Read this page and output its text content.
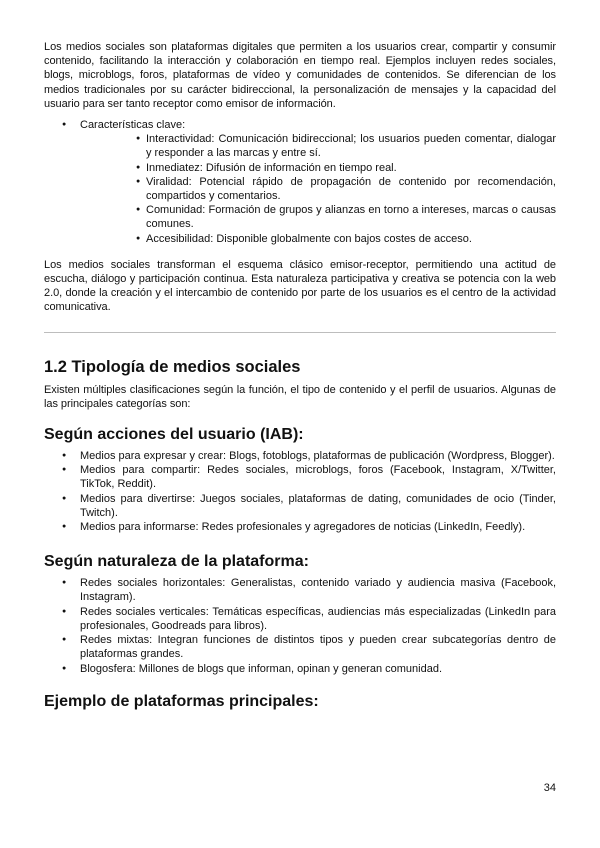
Los medios sociales son plataformas digitales que permiten a los usuarios crear, compartir y consumir contenido, facilitando la interacción y colaboración en tiempo real. Ejemplos incluyen redes sociales, blogs, microblogs, foros, plataformas de vídeo y comunidades de contenidos. Se diferencian de los medios tradicionales por su carácter bidireccional, la personalización de mensajes y la capacidad del usuario para ser tanto receptor como emisor de información.

● Características clave:
● Interactividad: Comunicación bidireccional; los usuarios pueden comentar, dialogar y responder a las marcas y entre sí.
● Inmediatez: Difusión de información en tiempo real.
● Viralidad: Potencial rápido de propagación de contenido por recomendación, compartidos y comentarios.
● Comunidad: Formación de grupos y alianzas en torno a intereses, marcas o causas comunes.
● Accesibilidad: Disponible globalmente con bajos costes de acceso.

Los medios sociales transforman el esquema clásico emisor-receptor, permitiendo una actitud de escucha, diálogo y participación continua. Esta naturaleza participativa y creativa se potencia con la web 2.0, donde la creación y el intercambio de contenido por parte de los usuarios es el centro de la actividad comunicativa.

1.2 Tipología de medios sociales

Existen múltiples clasificaciones según la función, el tipo de contenido y el perfil de usuarios. Algunas de las principales categorías son:

Según acciones del usuario (IAB):
● Medios para expresar y crear: Blogs, fotoblogs, plataformas de publicación (Wordpress, Blogger).
● Medios para compartir: Redes sociales, microblogs, foros (Facebook, Instagram, X/Twitter, TikTok, Reddit).
● Medios para divertirse: Juegos sociales, plataformas de dating, comunidades de ocio (Tinder, Twitch).
● Medios para informarse: Redes profesionales y agregadores de noticias (LinkedIn, Feedly).
Según naturaleza de la plataforma:
● Redes sociales horizontales: Generalistas, contenido variado y audiencia masiva (Facebook, Instagram).
● Redes sociales verticales: Temáticas específicas, audiencias más especializadas (LinkedIn para profesionales, Goodreads para libros).
● Redes mixtas: Integran funciones de distintos tipos y pueden crear subcategorías dentro de plataformas grandes.
● Blogosfera: Millones de blogs que informan, opinan y generan comunidad.
Ejemplo de plataformas principales:
34
